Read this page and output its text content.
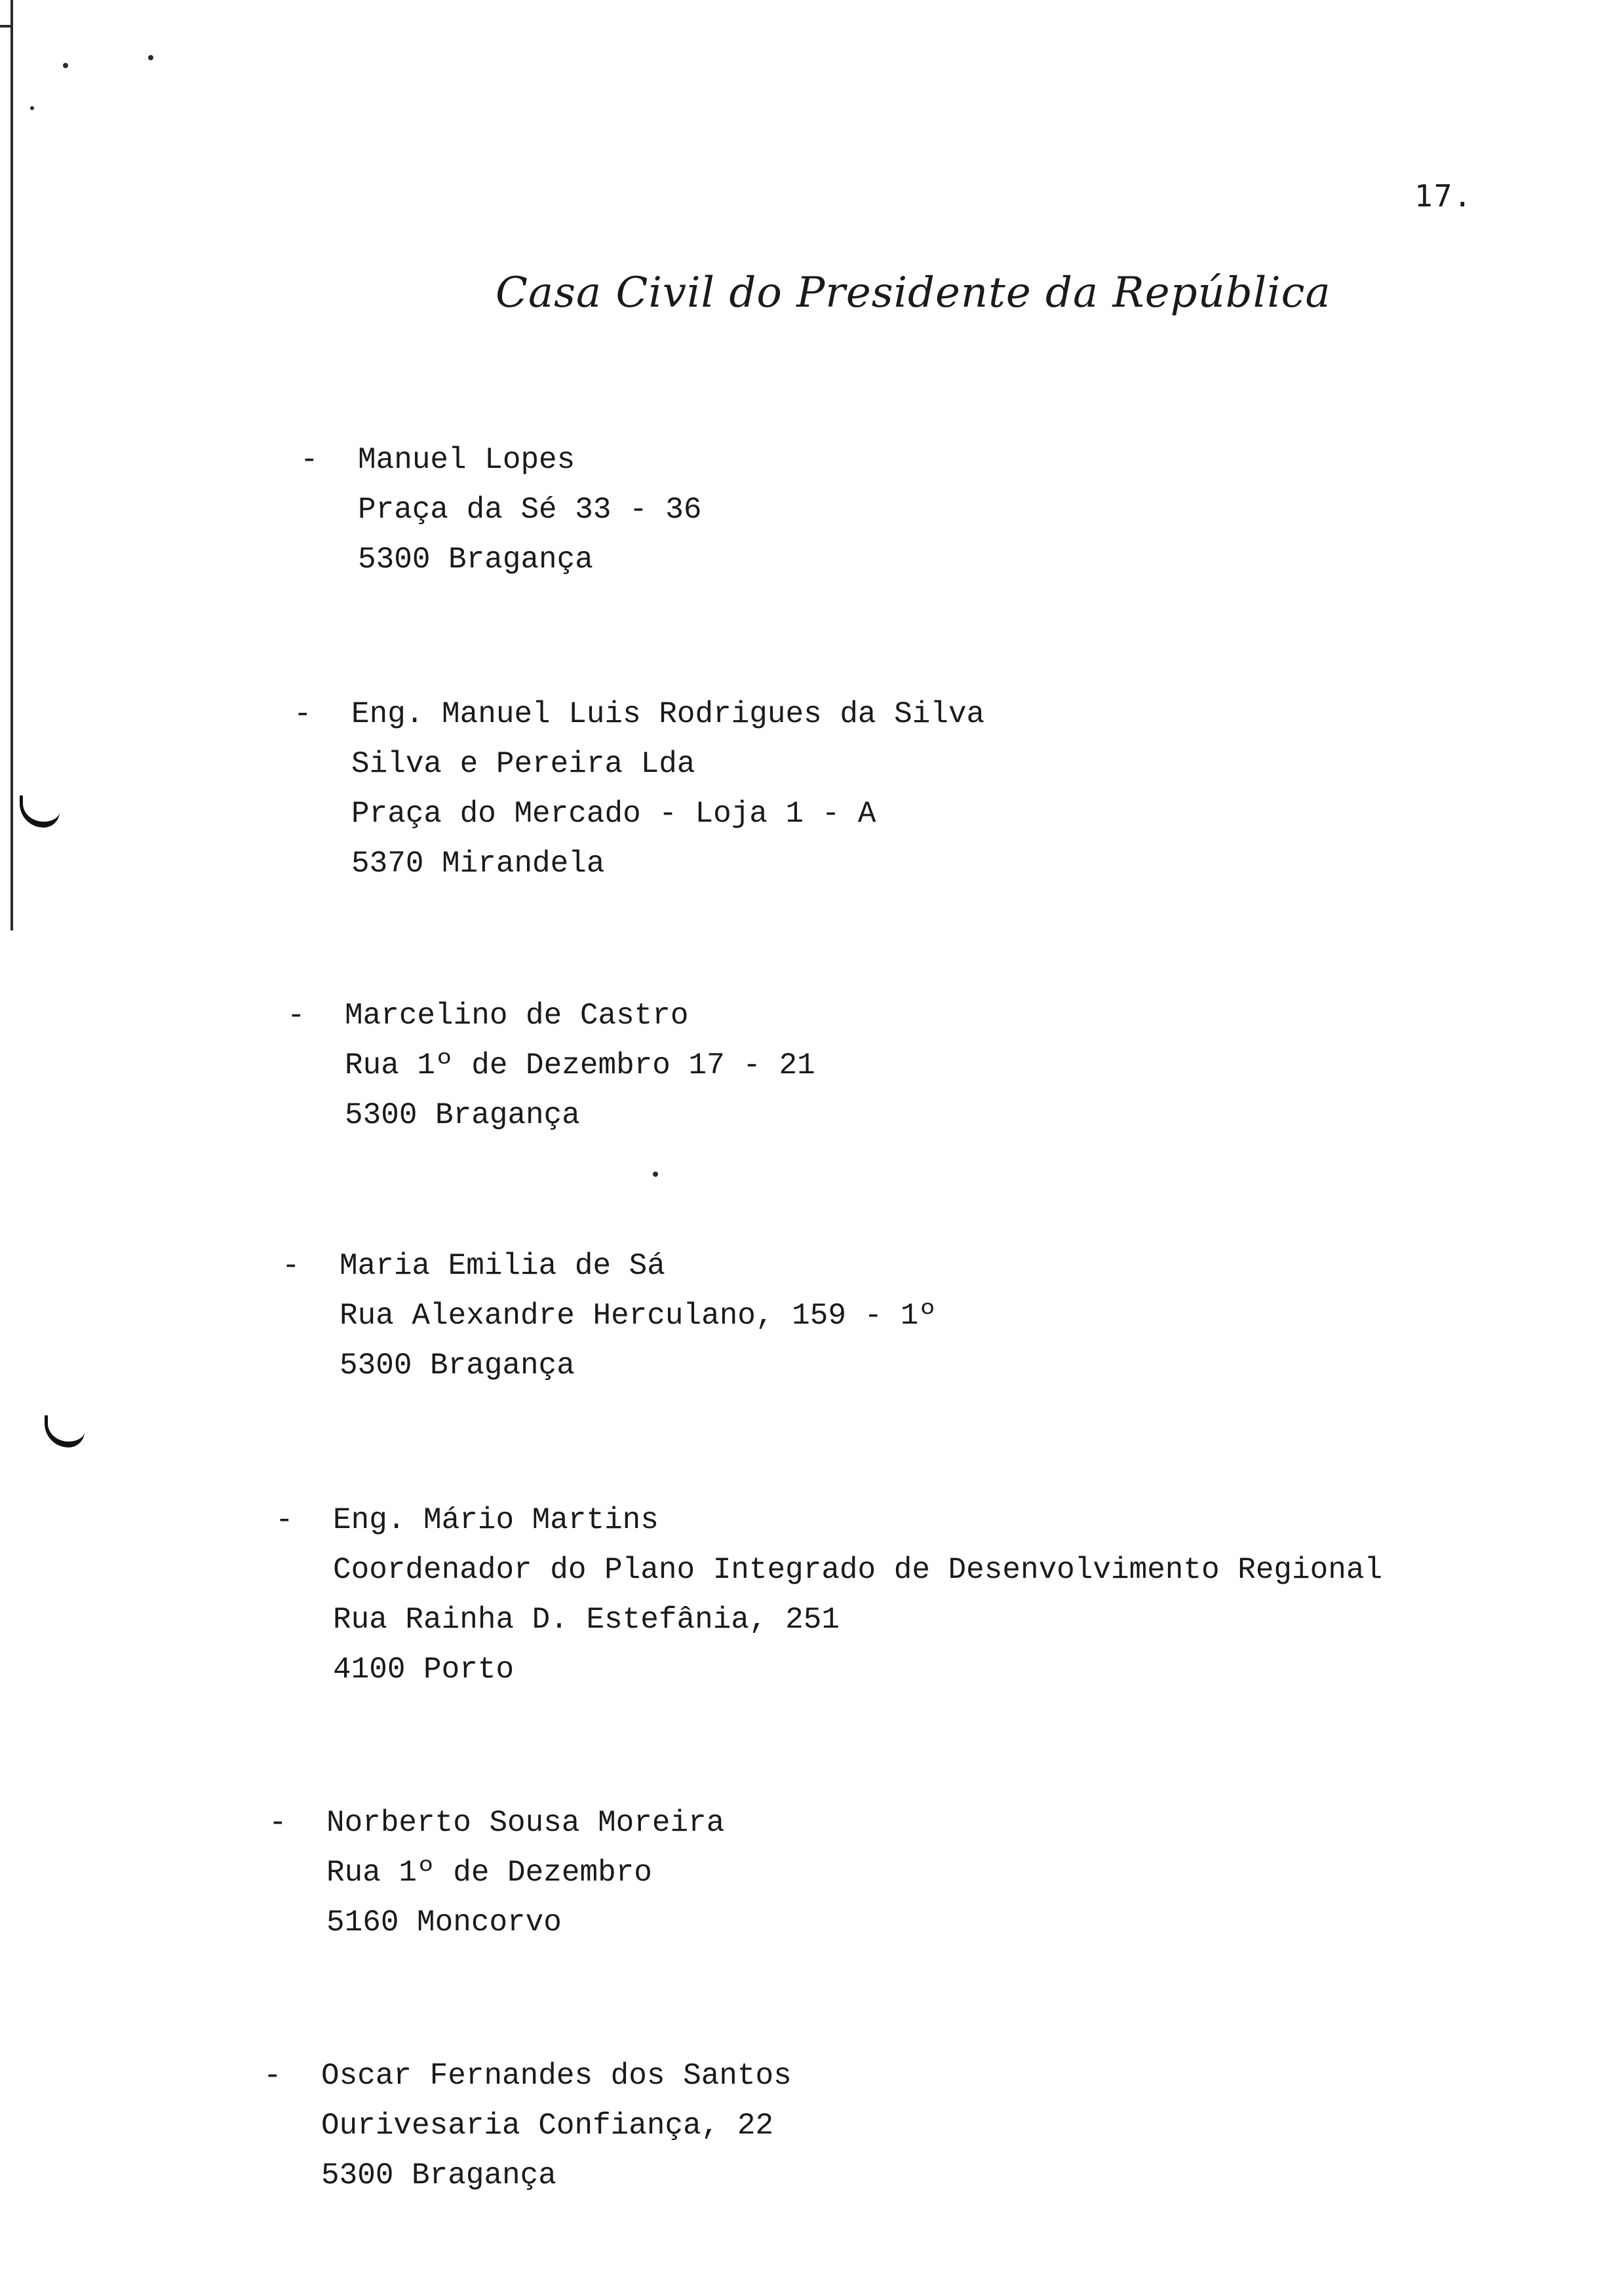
17.
Casa Civil do Presidente da República
- Manuel Lopes
Praça da Sé 33 - 36
5300 Bragança
- Eng. Manuel Luis Rodrigues da Silva
Silva e Pereira Lda
Praça do Mercado - Loja 1 - A
5370 Mirandela
- Marcelino de Castro
Rua 1º de Dezembro 17 - 21
5300 Bragança
- Maria Emilia de Sá
Rua Alexandre Herculano, 159 - 1º
5300 Bragança
- Eng. Mário Martins
Coordenador do Plano Integrado de Desenvolvimento Regional
Rua Rainha D. Estefânia, 251
4100 Porto
- Norberto Sousa Moreira
Rua 1º de Dezembro
5160 Moncorvo
- Oscar Fernandes dos Santos
Ourivesaria Confiança, 22
5300 Bragança
